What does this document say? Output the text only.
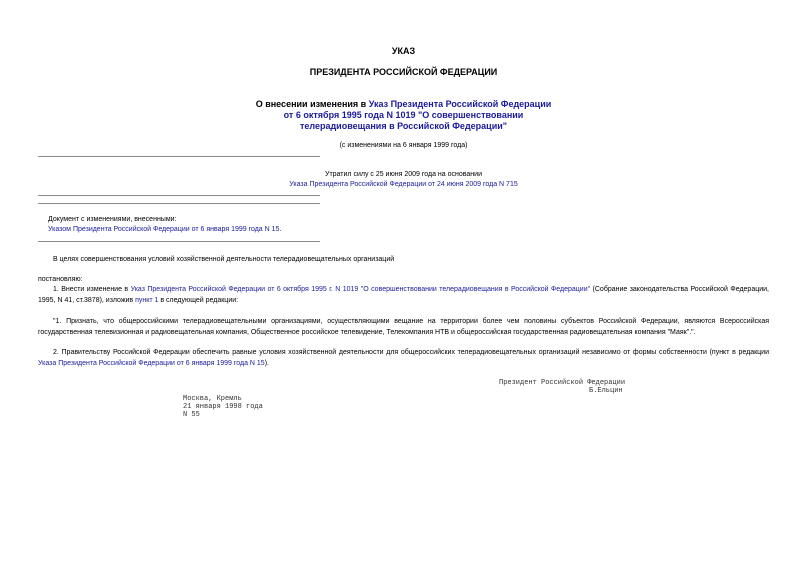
УКАЗ
ПРЕЗИДЕНТА РОССИЙСКОЙ ФЕДЕРАЦИИ
О внесении изменения в Указ Президента Российской Федерации
от 6 октября 1995 года N 1019 "О совершенствовании
телерадиовещания в Российской Федерации"
(с изменениями на 6 января 1999 года)
Утратил силу с 25 июня 2009 года на основании
Указа Президента Российской Федерации от 24 июня 2009 года N 715
Документ с изменениями, внесенными:
Указом Президента Российской Федерации от 6 января 1999 года N 15.
В целях совершенствования условий хозяйственной деятельности телерадиовещательных организаций
постановляю:
1. Внести изменение в Указ Президента Российской Федерации от 6 октября 1995 г. N 1019 "О совершенствовании телерадиовещания в Российской Федерации" (Собрание законодательства Российской Федерации, 1995, N 41, ст.3878), изложив пункт 1 в следующей редакции:
"1. Признать, что общероссийскими телерадиовещательными организациями, осуществляющими вещание на территории более чем половины субъектов Российской Федерации, являются Всероссийская государственная телевизионная и радиовещательная компания, Общественное российское телевидение, Телекомпания НТВ и общероссийская государственная радиовещательная компания "Маяк".".
2. Правительству Российской Федерации обеспечить равные условия хозяйственной деятельности для общероссийских телерадиовещательных организаций независимо от формы собственности (пункт в редакции Указа Президента Российской Федерации от 6 января 1999 года N 15).
Президент Российской Федерации
Б.Ельцин
Москва, Кремль
21 января 1998 года
N 55
